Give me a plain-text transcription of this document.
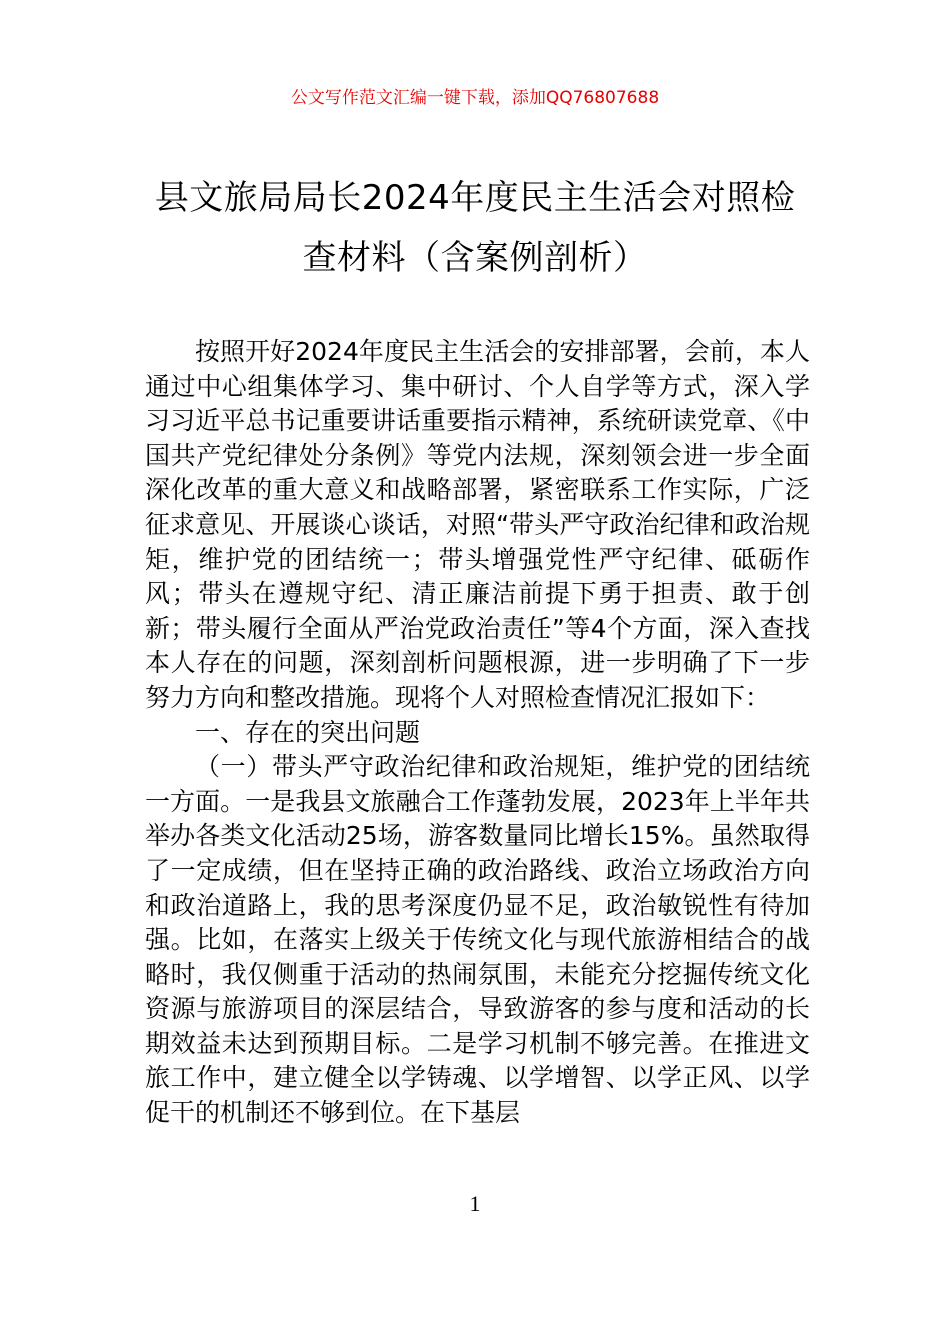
公文写作范文汇编一键下载，添加QQ76807688

县文旅局局长2024年度民主生活会对照检查材料（含案例剖析）

按照开好2024年度民主生活会的安排部署，会前，本人通过中心组集体学习、集中研讨、个人自学等方式，深入学习习近平总书记重要讲话重要指示精神，系统研读党章、《中国共产党纪律处分条例》等党内法规，深刻领会进一步全面深化改革的重大意义和战略部署，紧密联系工作实际，广泛征求意见、开展谈心谈话，对照“带头严守政治纪律和政治规矩，维护党的团结统一；带头增强党性严守纪律、砥砺作风；带头在遵规守纪、清正廉洁前提下勇于担责、敢于创新；带头履行全面从严治党政治责任”等4个方面，深入查找本人存在的问题，深刻剖析问题根源，进一步明确了下一步努力方向和整改措施。现将个人对照检查情况汇报如下：

一、存在的突出问题

（一）带头严守政治纪律和政治规矩，维护党的团结统一方面。一是我县文旅融合工作蓬勃发展，2023年上半年共举办各类文化活动25场，游客数量同比增长15%。虽然取得了一定成绩，但在坚持正确的政治路线、政治立场政治方向和政治道路上，我的思考深度仍显不足，政治敏锐性有待加强。比如，在落实上级关于传统文化与现代旅游相结合的战略时，我仅侧重于活动的热闹氛围，未能充分挖掘传统文化资源与旅游项目的深层结合，导致游客的参与度和活动的长期效益未达到预期目标。二是学习机制不够完善。在推进文旅工作中，建立健全以学铸魂、以学增智、以学正风、以学促干的机制还不够到位。在下基层

1
